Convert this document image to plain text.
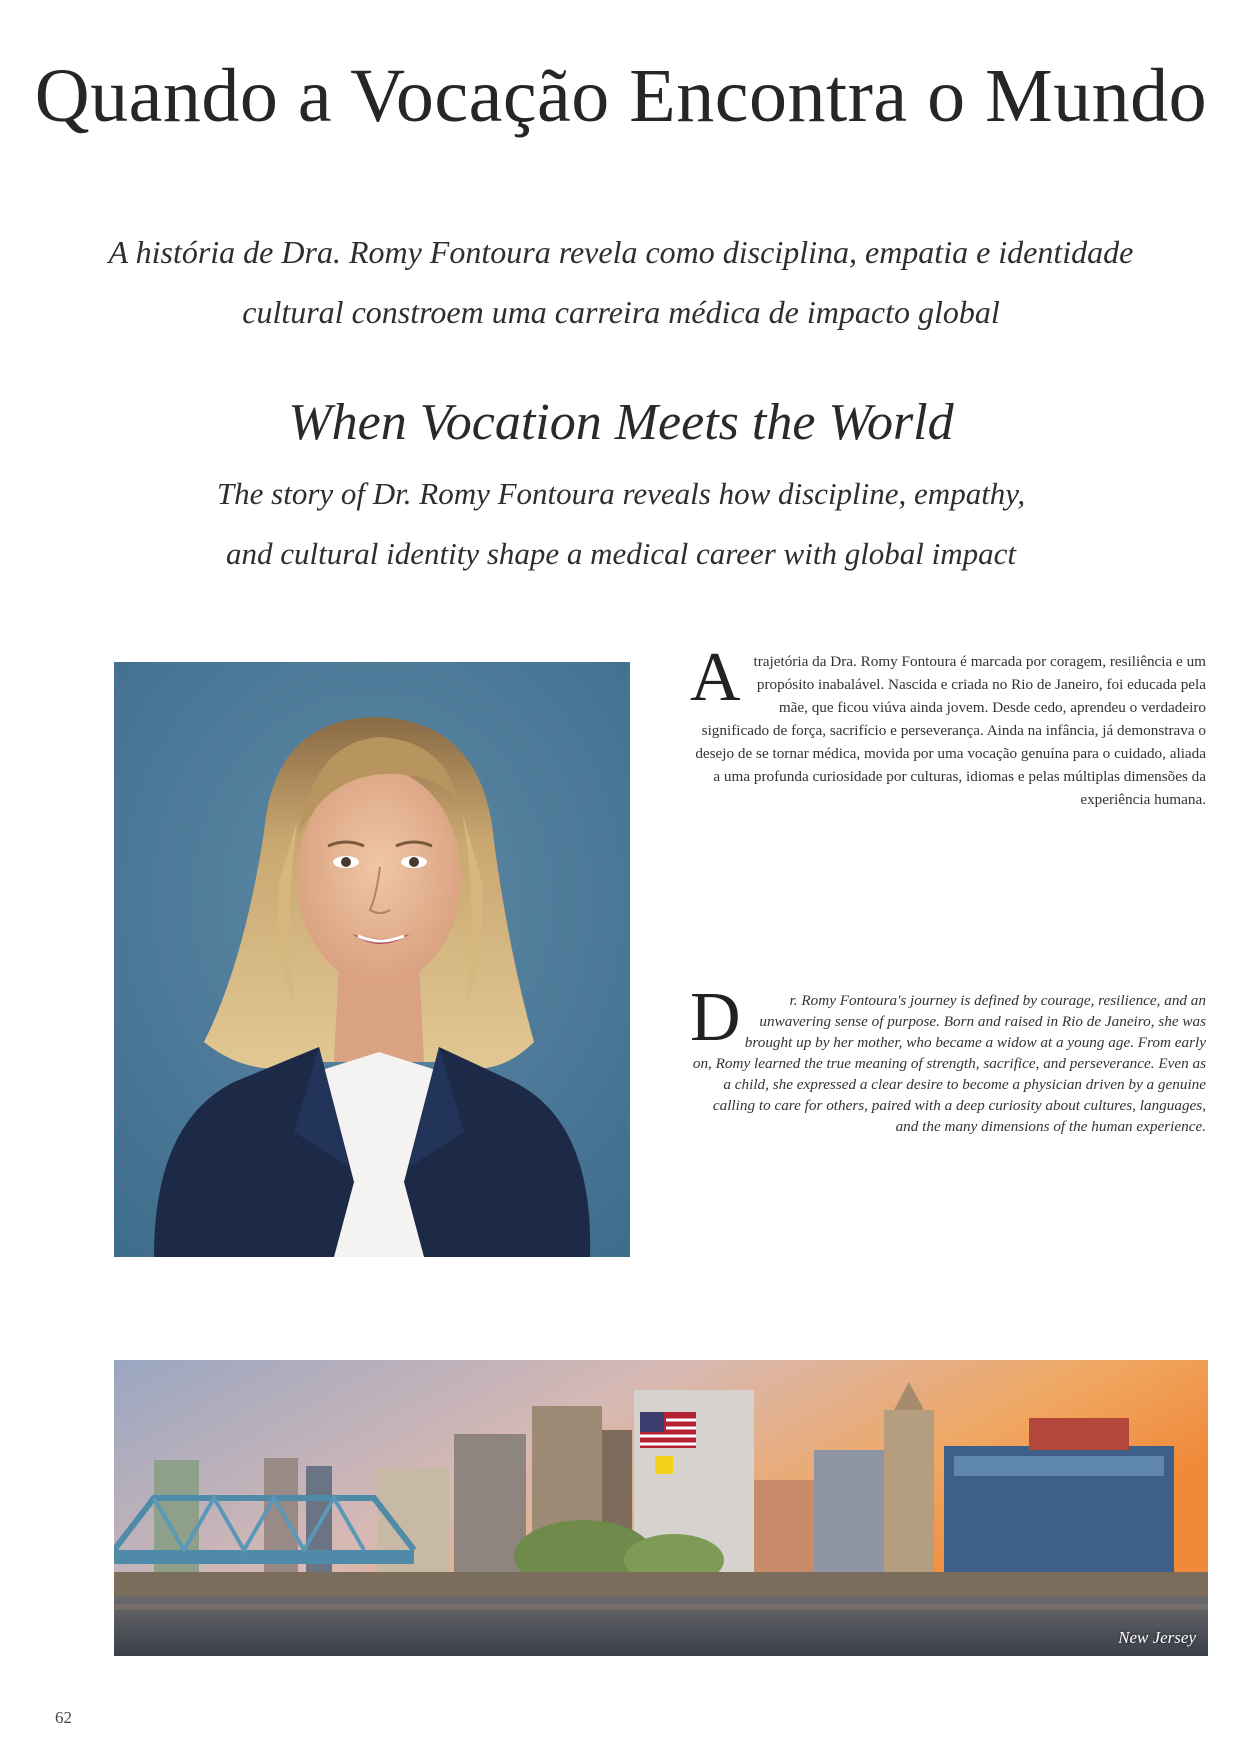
Quando a Vocação Encontra o Mundo

A história de Dra. Romy Fontoura revela como disciplina, empatia e identidade
cultural constroem uma carreira médica de impacto global

When Vocation Meets the World

The story of Dr. Romy Fontoura reveals how discipline, empathy,
and cultural identity shape a medical career with global impact

A trajetória da Dra. Romy Fontoura é marcada por coragem, resiliência e um propósito inabalável. Nascida e criada no Rio de Janeiro, foi educada pela mãe, que ficou viúva ainda jovem. Desde cedo, aprendeu o verdadeiro significado de força, sacrifício e perseverança. Ainda na infância, já demonstrava o desejo de se tornar médica, movida por uma vocação genuína para o cuidado, aliada a uma profunda curiosidade por culturas, idiomas e pelas múltiplas dimensões da experiência humana.

D	r. Romy Fontoura's journey is defined by courage, resilience, and an unwavering sense of purpose. Born and raised in Rio de Janeiro, she was brought up by her mother, who became a widow at a young age. From early on, Romy learned the true meaning of strength, sacrifice, and perseverance. Even as a child, she expressed a clear desire to become a physician driven by a genuine calling to care for others, paired with a deep curiosity about cultures, languages, and the many dimensions of the human experience.

New Jersey
62
